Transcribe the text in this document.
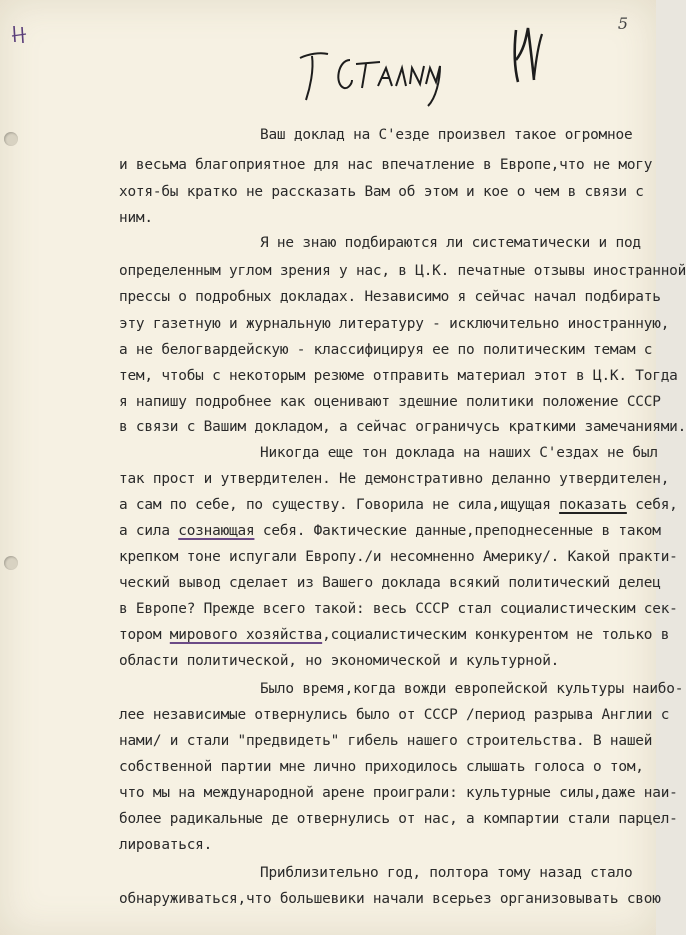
5
Ваш доклад на С'езде произвел такое огромное
и весьма благоприятное для нас впечатление в Европе,что не могу
хотя-бы кратко не рассказать Вам об этом и кое о чем в связи с
ним.
Я не знаю подбираются ли систематически и под
определенным углом зрения у нас, в Ц.К. печатные отзывы иностранной
прессы о подробных докладах. Независимо я сейчас начал подбирать
эту газетную и журнальную литературу - исключительно иностранную,
а не белогвардейскую - классифицируя ее по политическим темам с
тем, чтобы с некоторым резюме отправить материал этот в Ц.К. Тогда
я напишу подробнее как оценивают здешние политики положение СССР
в связи с Вашим докладом, а сейчас ограничусь краткими замечаниями.
Никогда еще тон доклада на наших С'ездах не был
так прост и утвердителен. Не демонстративно деланно утвердителен,
а сам по себе, по существу. Говорила не сила,ищущая показать себя,
а сила сознающая себя. Фактические данные,преподнесенные в таком
крепком тоне испугали Европу./и несомненно Америку/. Какой практи-
ческий вывод сделает из Вашего доклада всякий политический делец
в Европе? Прежде всего такой: весь СССР стал социалистическим сек-
тором мирового хозяйства,социалистическим конкурентом не только в
области политической, но экономической и культурной.
Было время,когда вожди европейской культуры наибо-
лее независимые отвернулись было от СССР /период разрыва Англии с
нами/ и стали "предвидеть" гибель нашего строительства. В нашей
собственной партии мне лично приходилось слышать голоса о том,
что мы на международной арене проиграли: культурные силы,даже наи-
более радикальные де отвернулись от нас, а компартии стали парцел-
лироваться.
Приблизительно год, полтора тому назад стало
обнаруживаться,что большевики начали всерьез организовывать свою
